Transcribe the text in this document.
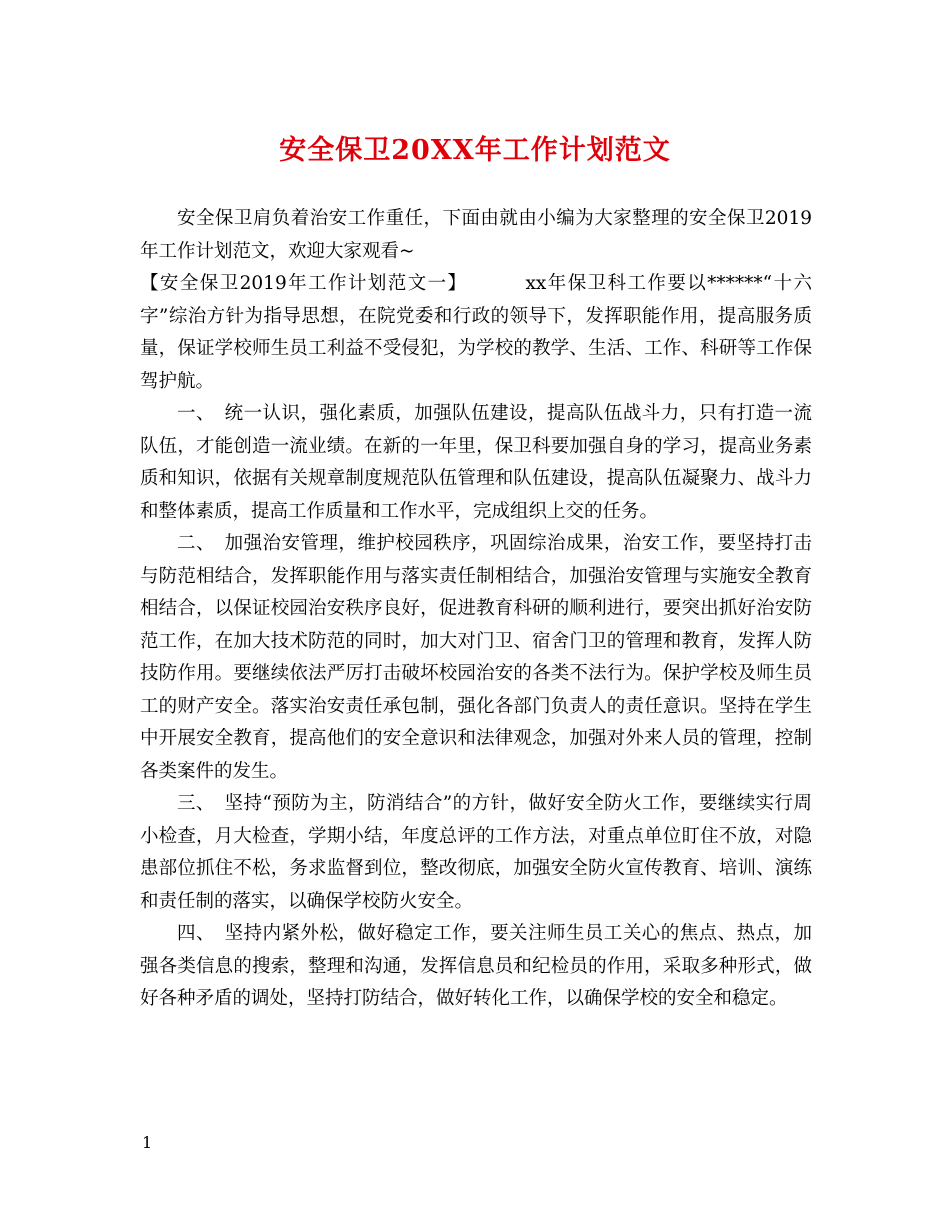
安全保卫20XX年工作计划范文

安全保卫肩负着治安工作重任，下面由就由小编为大家整理的安全保卫2019年工作计划范文，欢迎大家观看~

【安全保卫2019年工作计划范文一】	xx年保卫科工作要以******“十六字”综治方针为指导思想，在院党委和行政的领导下，发挥职能作用，提高服务质量，保证学校师生员工利益不受侵犯，为学校的教学、生活、工作、科研等工作保驾护航。

一、　统一认识，强化素质，加强队伍建设，提高队伍战斗力，只有打造一流队伍，才能创造一流业绩。在新的一年里，保卫科要加强自身的学习，提高业务素质和知识，依据有关规章制度规范队伍管理和队伍建设，提高队伍凝聚力、战斗力和整体素质，提高工作质量和工作水平，完成组织上交的任务。

二、　加强治安管理，维护校园秩序，巩固综治成果，治安工作，要坚持打击与防范相结合，发挥职能作用与落实责任制相结合，加强治安管理与实施安全教育相结合，以保证校园治安秩序良好，促进教育科研的顺利进行，要突出抓好治安防范工作，在加大技术防范的同时，加大对门卫、宿舍门卫的管理和教育，发挥人防技防作用。要继续依法严厉打击破坏校园治安的各类不法行为。保护学校及师生员工的财产安全。落实治安责任承包制，强化各部门负责人的责任意识。坚持在学生中开展安全教育，提高他们的安全意识和法律观念，加强对外来人员的管理，控制各类案件的发生。

三、　坚持“预防为主，防消结合”的方针，做好安全防火工作，要继续实行周小检查，月大检查，学期小结，年度总评的工作方法，对重点单位盯住不放，对隐患部位抓住不松，务求监督到位，整改彻底，加强安全防火宣传教育、培训、演练和责任制的落实，以确保学校防火安全。

四、　坚持内紧外松，做好稳定工作，要关注师生员工关心的焦点、热点，加强各类信息的搜索，整理和沟通，发挥信息员和纪检员的作用，采取多种形式，做好各种矛盾的调处，坚持打防结合，做好转化工作，以确保学校的安全和稳定。

1
